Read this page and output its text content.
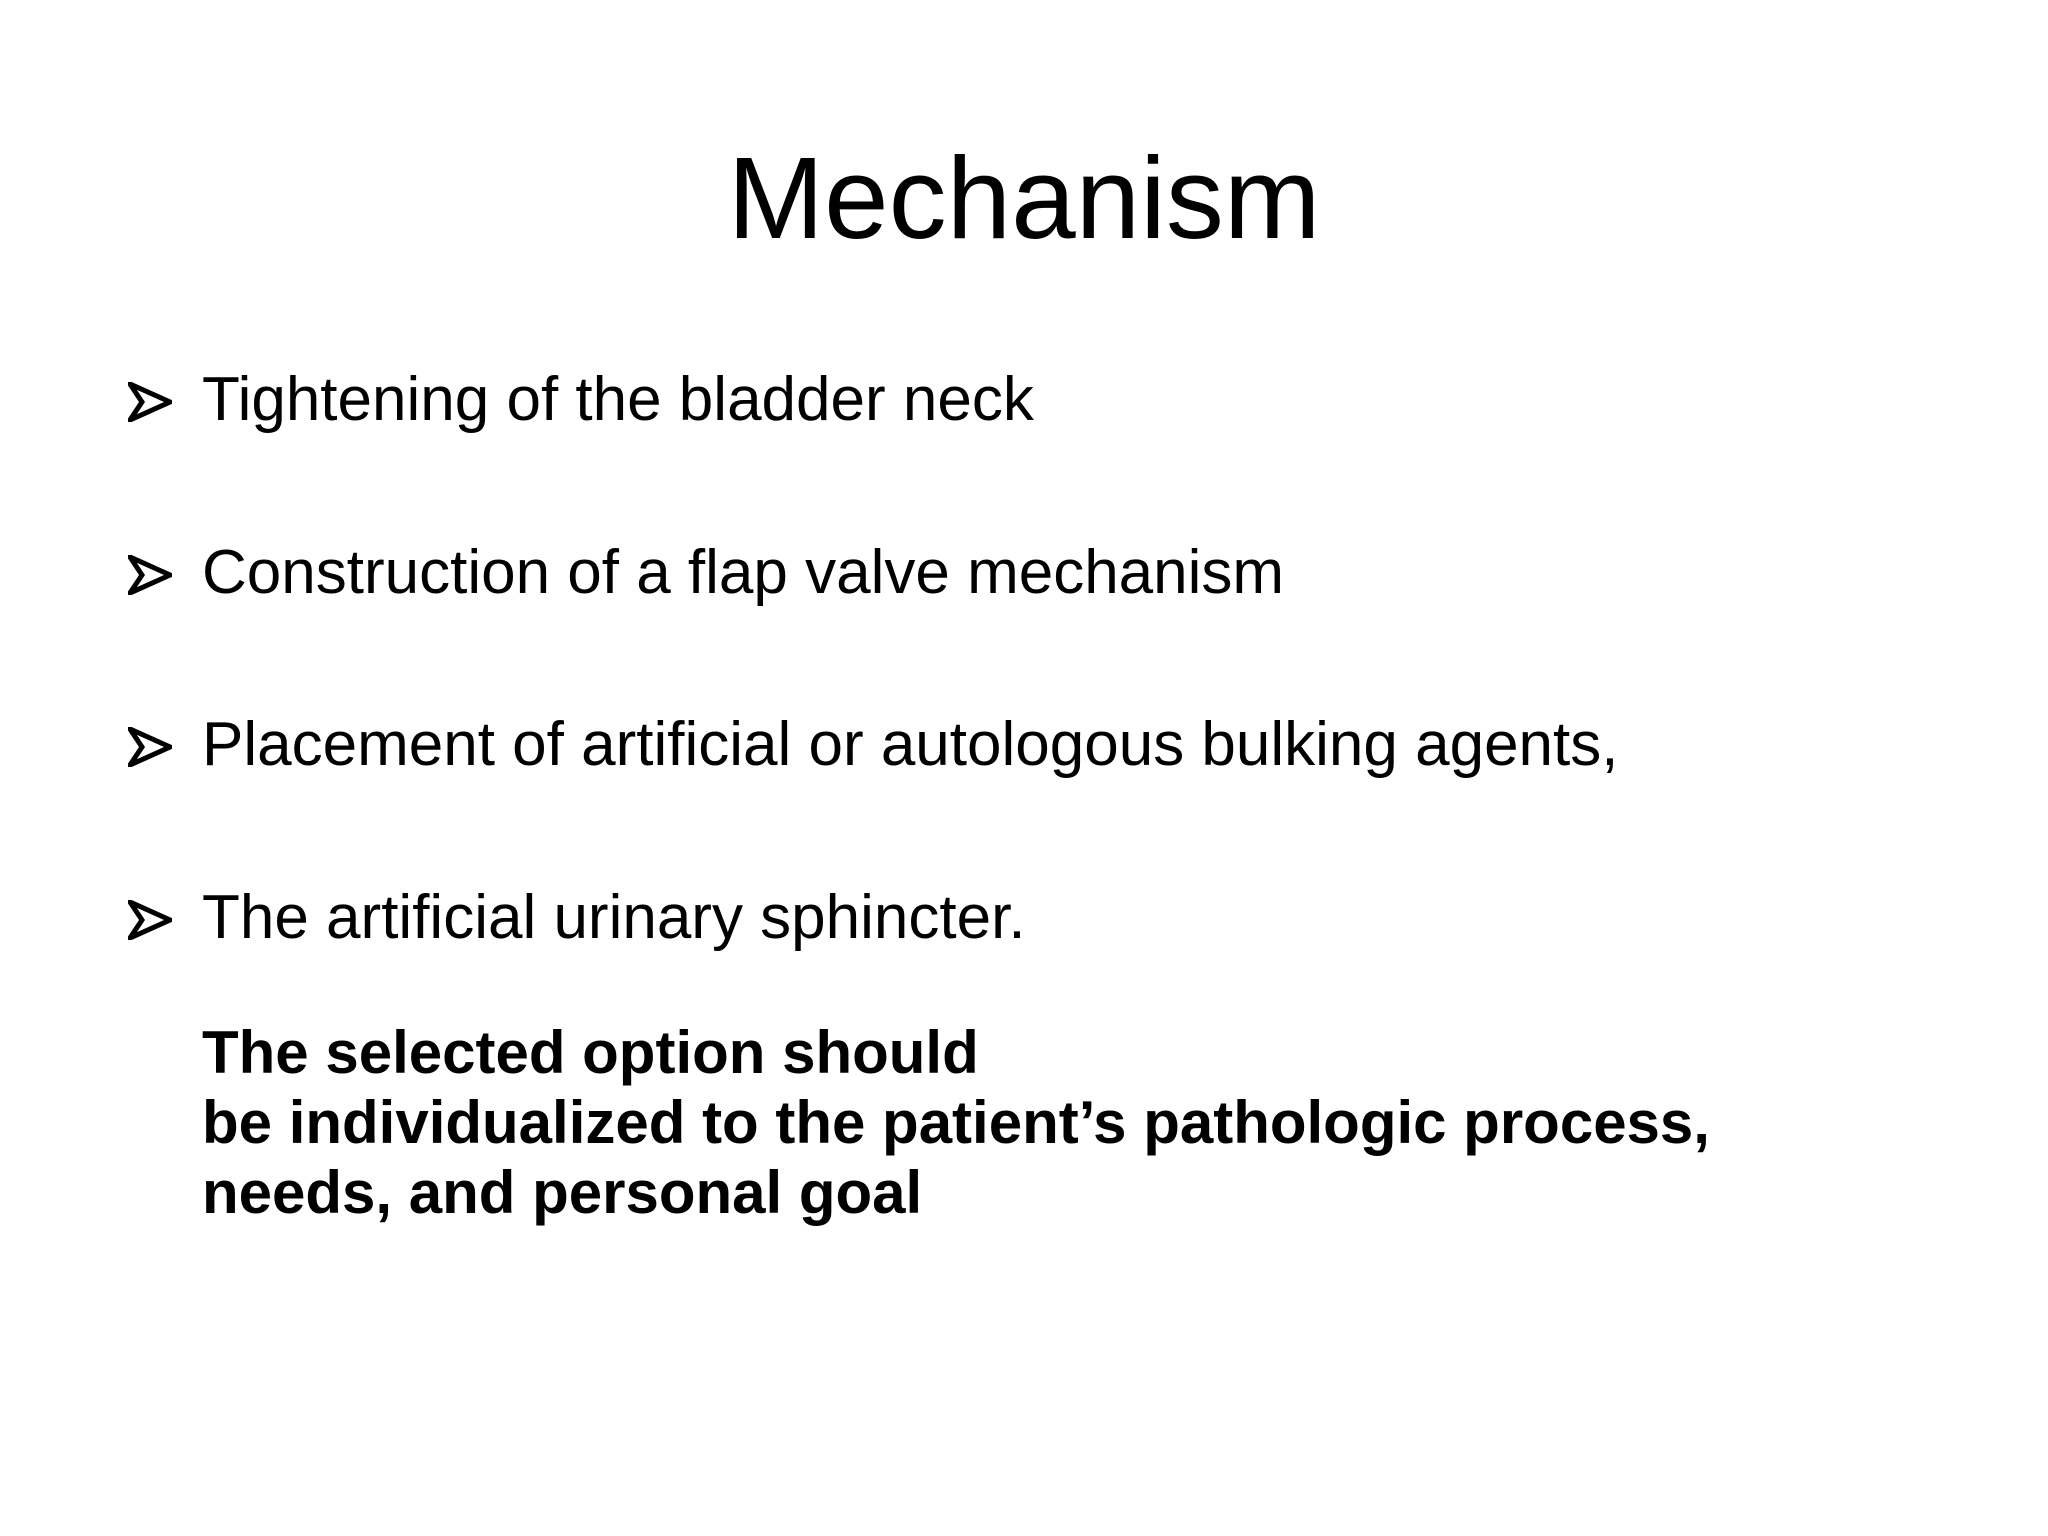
Mechanism
Tightening of the bladder neck
Construction of a flap valve mechanism
Placement of artificial or autologous bulking agents,
The artificial urinary sphincter.
The selected option should
be individualized to the patient’s pathologic process,
needs, and personal goal
